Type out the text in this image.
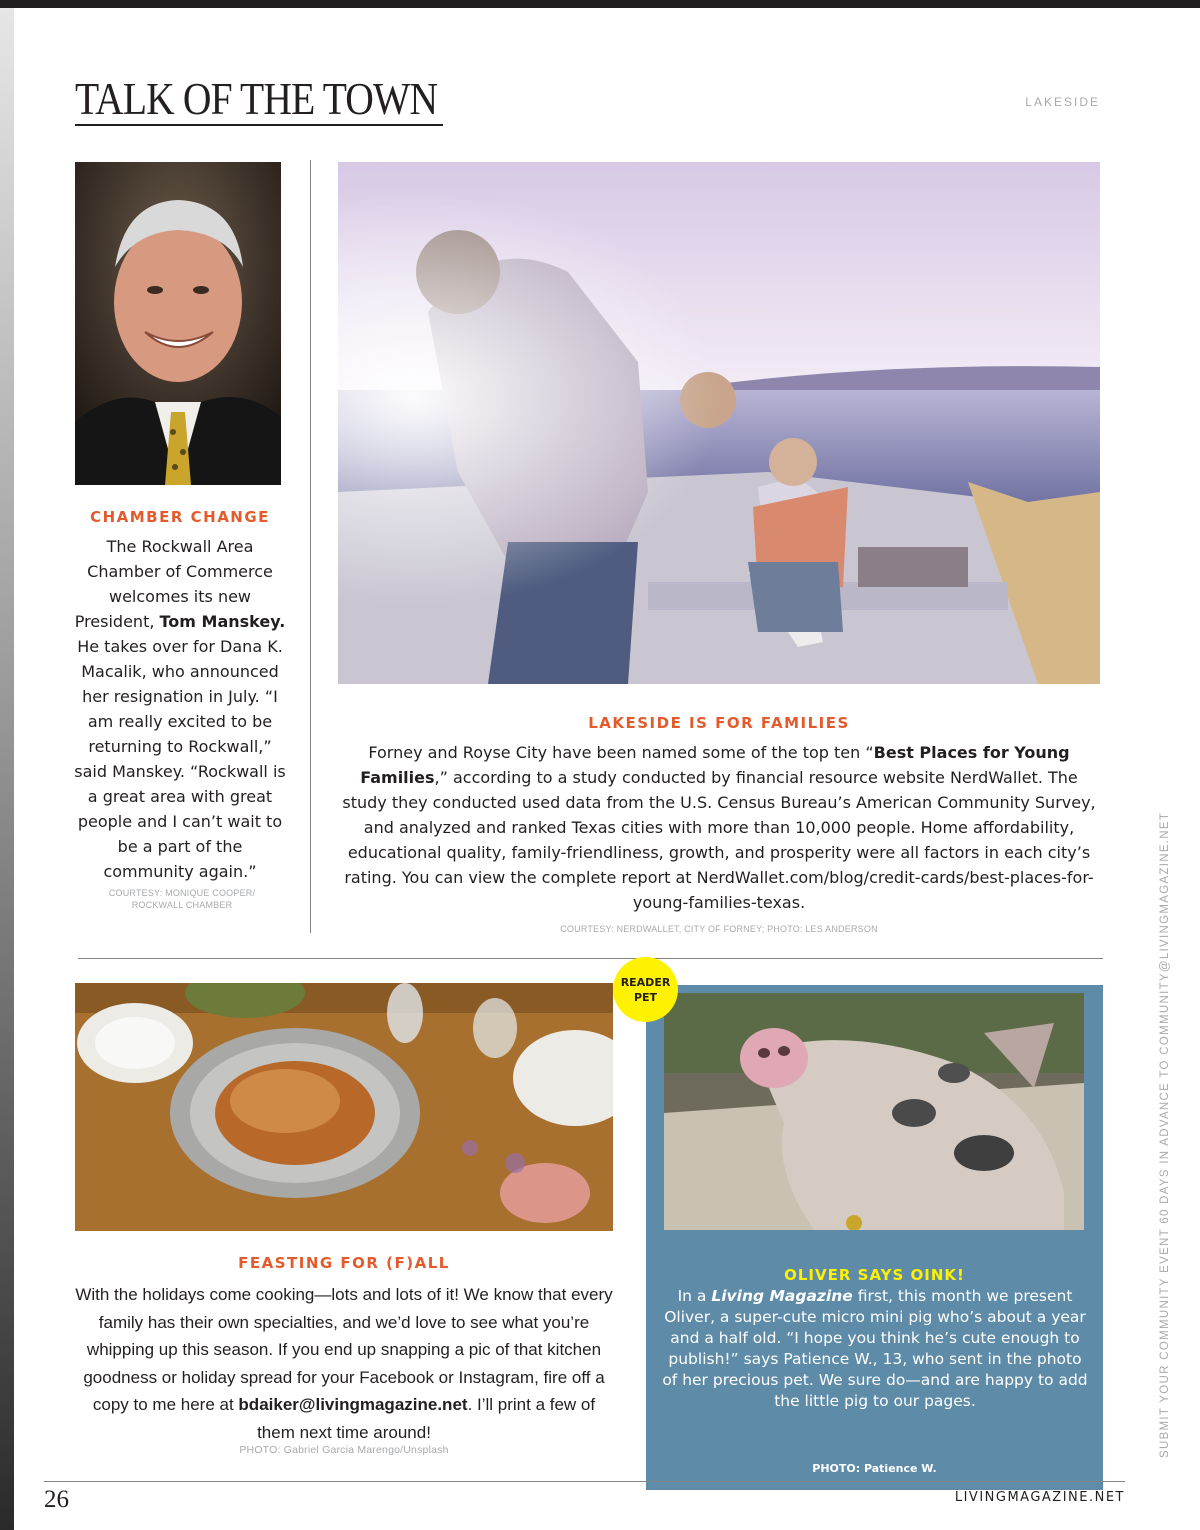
TALK OF THE TOWN	LAKESIDE
CHAMBER CHANGE
The Rockwall Area Chamber of Commerce welcomes its new President, Tom Manskey. He takes over for Dana K. Macalik, who announced her resignation in July. “I am really excited to be returning to Rockwall,” said Manskey. “Rockwall is a great area with great people and I can’t wait to be a part of the community again.”
COURTESY: MONIQUE COOPER/ ROCKWALL CHAMBER
LAKESIDE IS FOR FAMILIES
Forney and Royse City have been named some of the top ten “Best Places for Young Families,” according to a study conducted by financial resource website NerdWallet. The study they conducted used data from the U.S. Census Bureau’s American Community Survey, and analyzed and ranked Texas cities with more than 10,000 people. Home affordability, educational quality, family-friendliness, growth, and prosperity were all factors in each city’s rating. You can view the complete report at NerdWallet.com/blog/credit-cards/best-places-for-young-families-texas.
COURTESY: NERDWALLET, CITY OF FORNEY; PHOTO: LES ANDERSON
FEASTING FOR (F)ALL
With the holidays come cooking—lots and lots of it! We know that every family has their own specialties, and we’d love to see what you’re whipping up this season. If you end up snapping a pic of that kitchen goodness or holiday spread for your Facebook or Instagram, fire off a copy to me here at bdaiker@livingmagazine.net. I’ll print a few of them next time around!
PHOTO: Gabriel Garcia Marengo/Unsplash
READER
PET
OLIVER SAYS OINK!
In a Living Magazine first, this month we present Oliver, a super-cute micro mini pig who’s about a year and a half old. “I hope you think he’s cute enough to publish!” says Patience W., 13, who sent in the photo of her precious pet. We sure do—and are happy to add the little pig to our pages.
PHOTO: Patience W.
SUBMIT YOUR COMMUNITY EVENT 60 DAYS IN ADVANCE TO COMMUNITY@LIVINGMAGAZINE.NET
26	LIVINGMAGAZINE.NET
